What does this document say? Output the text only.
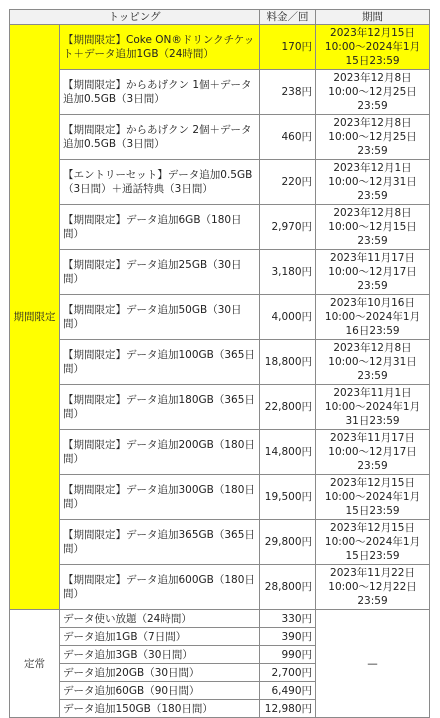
トッピング		料金／回	期間
期間限定	【期間限定】Coke ON®ドリンクチケット＋データ追加1GB（24時間）	170円	2023年12月15日10:00〜2024年1月15日23:59
	【期間限定】からあげクン 1個＋データ追加0.5GB（3日間）	238円	2023年12月8日10:00〜12月25日23:59
	【期間限定】からあげクン 2個＋データ追加0.5GB（3日間）	460円	2023年12月8日10:00〜12月25日23:59
	【エントリーセット】データ追加0.5GB（3日間）＋通話特典（3日間）	220円	2023年12月1日10:00〜12月31日23:59
	【期間限定】データ追加6GB（180日間）	2,970円	2023年12月8日10:00〜12月15日23:59
	【期間限定】データ追加25GB（30日間）	3,180円	2023年11月17日10:00〜12月17日23:59
	【期間限定】データ追加50GB（30日間）	4,000円	2023年10月16日10:00〜2024年1月16日23:59
	【期間限定】データ追加100GB（365日間）	18,800円	2023年12月8日10:00〜12月31日23:59
	【期間限定】データ追加180GB（365日間）	22,800円	2023年11月1日10:00〜2024年1月31日23:59
	【期間限定】データ追加200GB（180日間）	14,800円	2023年11月17日10:00〜12月17日23:59
	【期間限定】データ追加300GB（180日間）	19,500円	2023年12月15日10:00〜2024年1月15日23:59
	【期間限定】データ追加365GB（365日間）	29,800円	2023年12月15日10:00〜2024年1月15日23:59
	【期間限定】データ追加600GB（180日間）	28,800円	2023年11月22日10:00〜12月22日23:59
定常	データ使い放題（24時間）	330円	—
	データ追加1GB（7日間）	390円	
	データ追加3GB（30日間）	990円	
	データ追加20GB（30日間）	2,700円	
	データ追加60GB（90日間）	6,490円	
	データ追加150GB（180日間）	12,980円	
